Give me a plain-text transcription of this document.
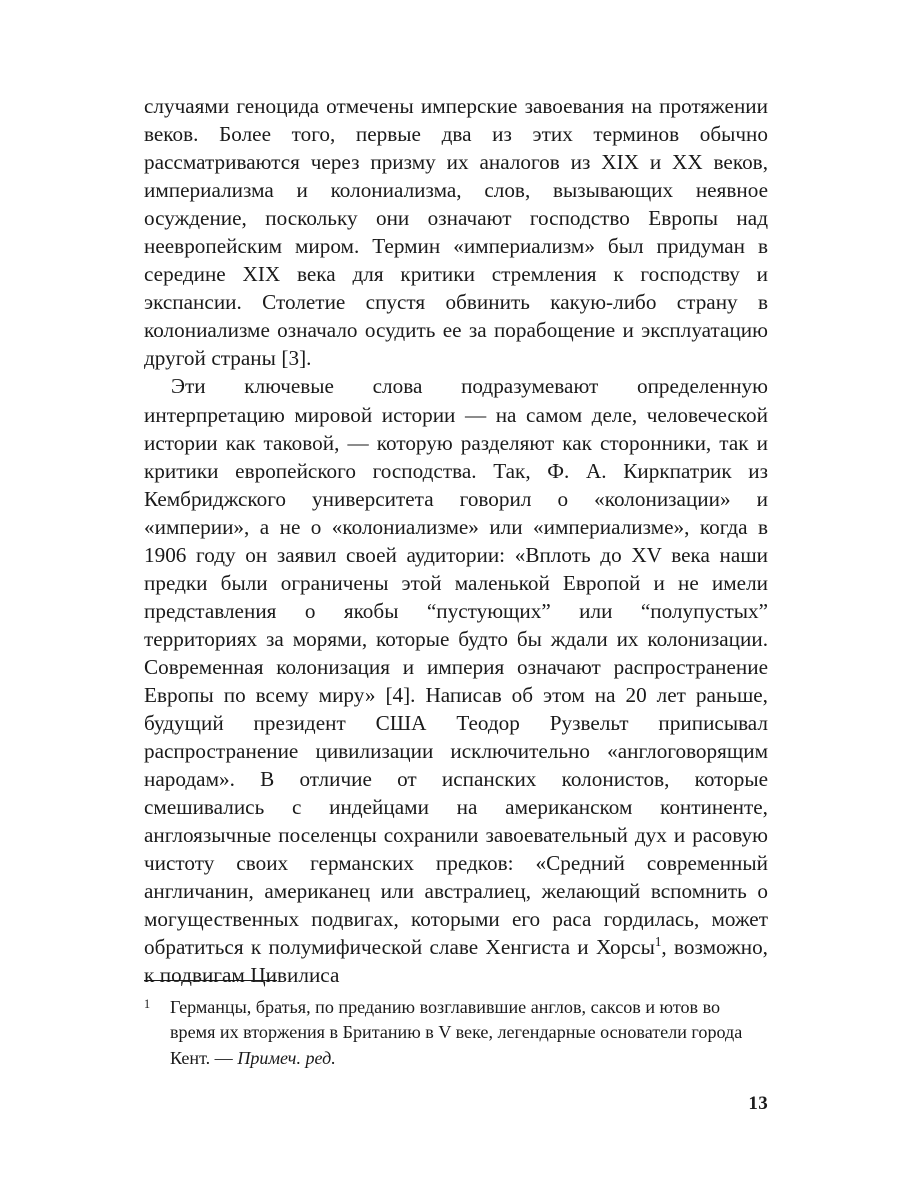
случаями геноцида отмечены имперские завоевания на протяжении веков. Более того, первые два из этих терминов обычно рассматриваются через призму их аналогов из XIX и XX веков, империализма и колониализма, слов, вызывающих неявное осуждение, поскольку они означают господство Европы над неевропейским миром. Термин «империализм» был придуман в середине XIX века для критики стремления к господству и экспансии. Столетие спустя обвинить какую-либо страну в колониализме означало осудить ее за порабощение и эксплуатацию другой страны [3].

Эти ключевые слова подразумевают определенную интерпретацию мировой истории — на самом деле, человеческой истории как таковой, — которую разделяют как сторонники, так и критики европейского господства. Так, Ф. А. Киркпатрик из Кембриджского университета говорил о «колонизации» и «империи», а не о «колониализме» или «империализме», когда в 1906 году он заявил своей аудитории: «Вплоть до XV века наши предки были ограничены этой маленькой Европой и не имели представления о якобы “пустующих” или “полупустых” территориях за морями, которые будто бы ждали их колонизации. Современная колонизация и империя означают распространение Европы по всему миру» [4]. Написав об этом на 20 лет раньше, будущий президент США Теодор Рузвельт приписывал распространение цивилизации исключительно «англоговорящим народам». В отличие от испанских колонистов, которые смешивались с индейцами на американском континенте, англоязычные поселенцы сохранили завоевательный дух и расовую чистоту своих германских предков: «Средний современный англичанин, американец или австралиец, желающий вспомнить о могущественных подвигах, которыми его раса гордилась, может обратиться к полумифической славе Хенгиста и Хорсы$^1$, возможно, к подвигам Цивилиса

1 Германцы, братья, по преданию возглавившие англов, саксов и ютов во время их вторжения в Британию в V веке, легендарные основатели города Кент. — Примеч. ред.

13
